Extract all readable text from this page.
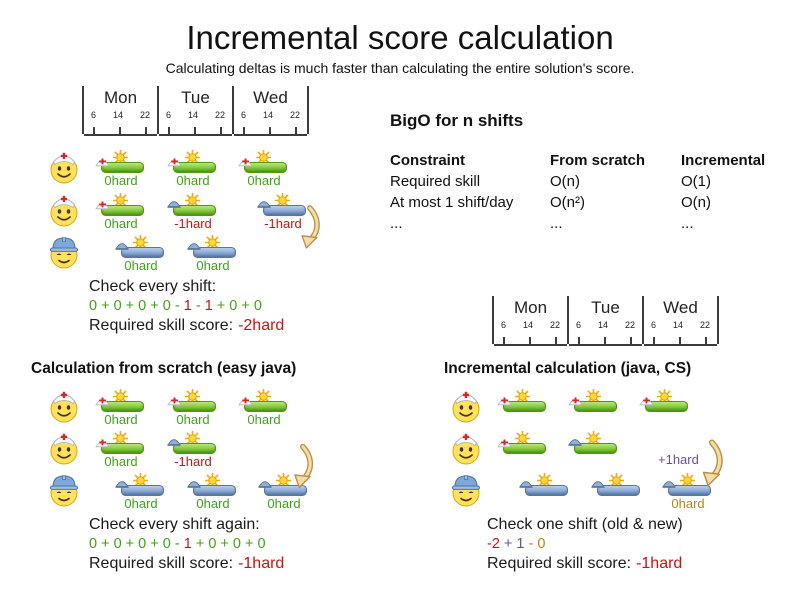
Incremental score calculation
Calculating deltas is much faster than calculating the entire solution's score.
Mon
6 14 22
Tue
6 14 22
Wed
6 14 22
Mon
6 14 22
Tue
6 14 22
Wed
6 14 22
BigO for n shifts
Constraint	From scratch	Incremental
Required skill	O(n)	O(1)
At most 1 shift/day	O(n²)	O(n)
...	...	...
0hard	0hard	0hard
0hard	-1hard	-1hard
0hard	0hard
Check every shift:
0 + 0 + 0 + 0 - 1 - 1 + 0 + 0
Required skill score: -2hard
Calculation from scratch (easy java)
0hard	0hard	0hard
0hard	-1hard
0hard	0hard	0hard
Check every shift again:
0 + 0 + 0 + 0 - 1 + 0 + 0 + 0
Required skill score: -1hard
Incremental calculation (java, CS)
0hard
+1hard
Check one shift (old & new)
-2 + 1 - 0
Required skill score: -1hard
